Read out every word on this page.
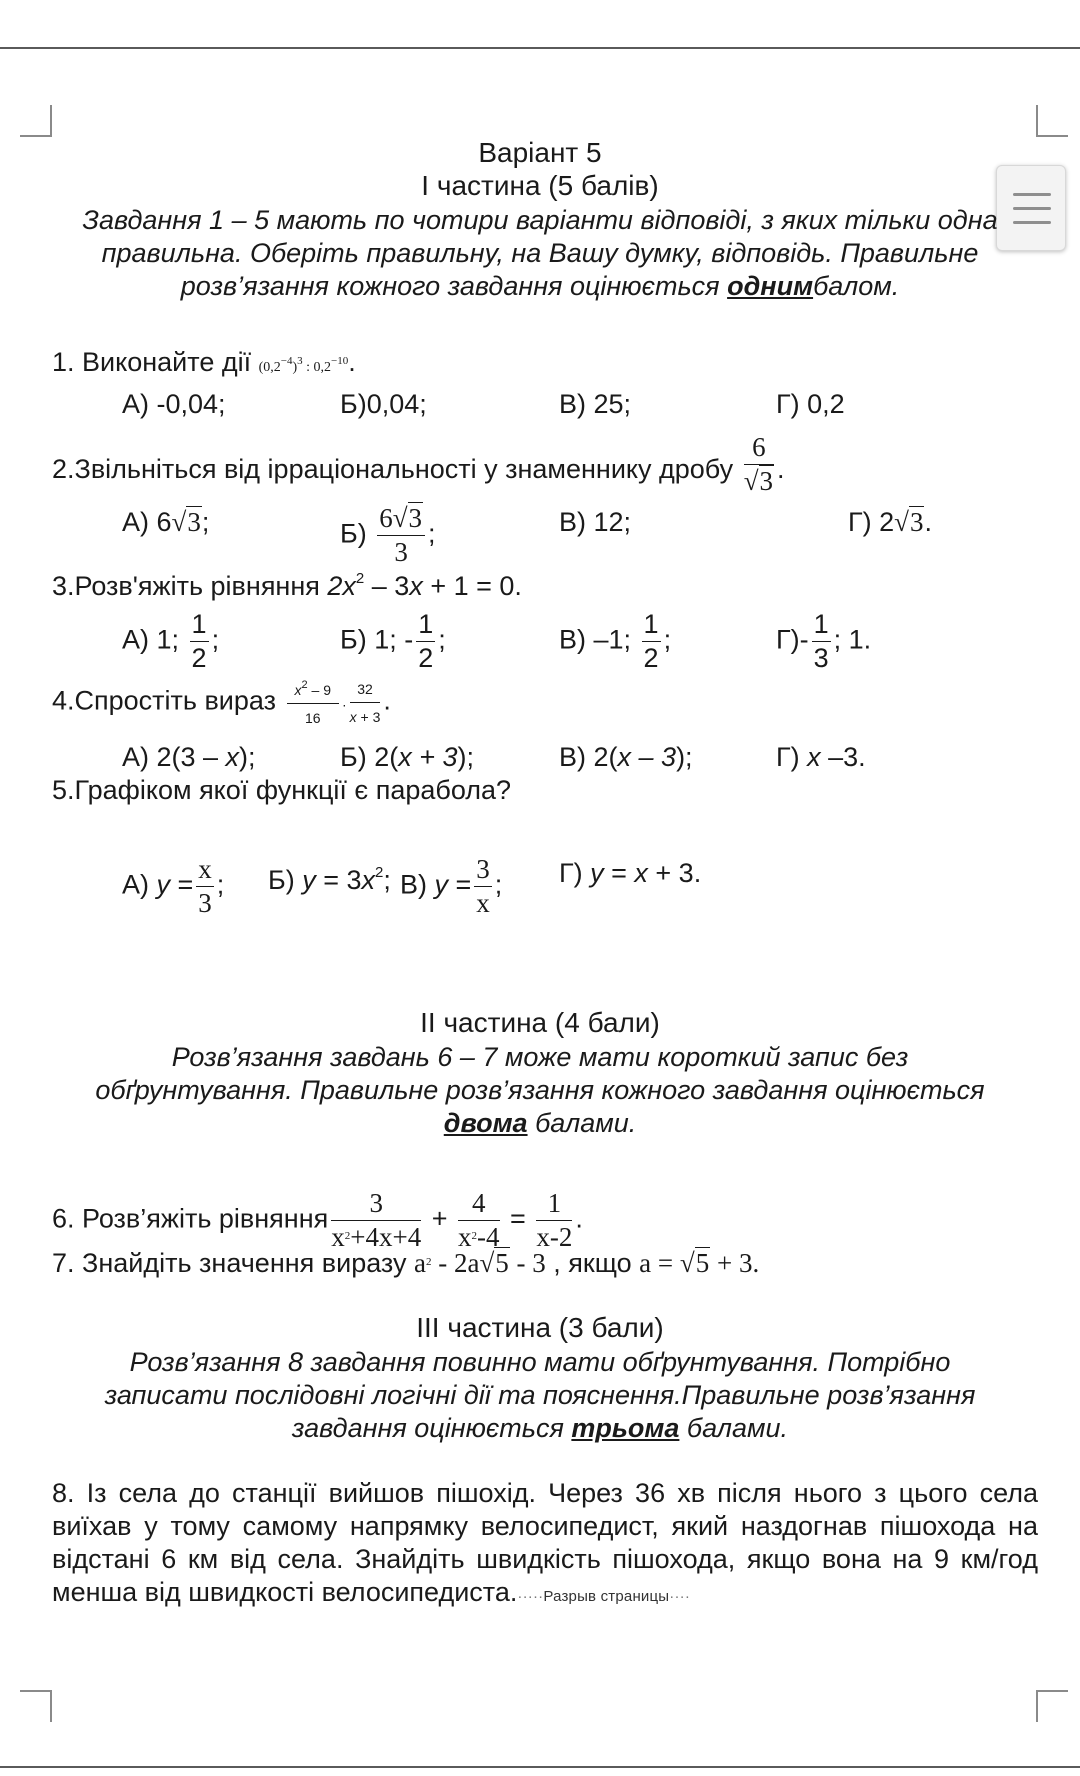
Варіант 5
І частина (5 балів)
Завдання 1 – 5 мають по чотири варіанти відповіді, з яких тільки одна
правильна. Оберіть правильну, на Вашу думку, відповідь. Правильне
розв’язання кожного завдання оцінюється однимбалом.
1. Виконайте дії $(0,2^{-4})^3$ : $0,2^{-10}$.
А) -0,04;	Б)0,04;	В) 25;	Г) 0,2
2.Звільніться від ірраціональності у знаменнику дробу $\frac{6}{√3}$ .
А) 6√3;	$Б) \frac{6√3}{3}$ ;	В) 12;	Г) 2√3.
3.Розв'яжіть рівняння $2x^2 - 3x + 1 = 0$.
А) 1; $\frac{1}{2}$ ;	Б) 1; - $\frac{1}{2}$ ;	В) –1; $\frac{1}{2}$ ;	$Г)- \frac{1}{3}$ ; 1.
4.Спростіть вираз $\frac{x^2 - 9}{16} \cdot \frac{32}{x + 3}$ .
А) 2(3 – x);	Б) 2(x + 3);	В) 2(x – 3);	Г) x –3.
5.Графіком якої функції є парабола?
А) $y = \frac{x}{3}$ ; Б) $y = 3x^2$; В) $y = \frac{3}{x}$ ; Г) y = x + 3.
ІІ частина (4 бали)
Розв’язання завдань 6 – 7 може мати короткий запис без
обґрунтування. Правильне розв’язання кожного завдання оцінюється
двома балами.
6. Розв’яжіть рівняння $\frac{3}{x^2+4x+4} + \frac{4}{x^2-4} = \frac{1}{x-2}$ .
7. Знайдіть значення виразу $a^2 - 2a√5 - 3$ , якщо a = √5 + 3.
ІІІ частина (3 бали)
Розв’язання 8 завдання повинно мати обґрунтування. Потрібно
записати послідовні логічні дії та пояснення.Правильне розв’язання
завдання оцінюється трьома балами.
8. Із села до станції вийшов пішохід. Через 36 хв після нього з цього села виїхав у тому самому напрямку велосипедист, який наздогнав пішохода на відстані 6 км від села. Знайдіть швидкість пішохода, якщо вона на 9 км/год менша від швидкості велосипедиста.····· Разрыв страницы ····
